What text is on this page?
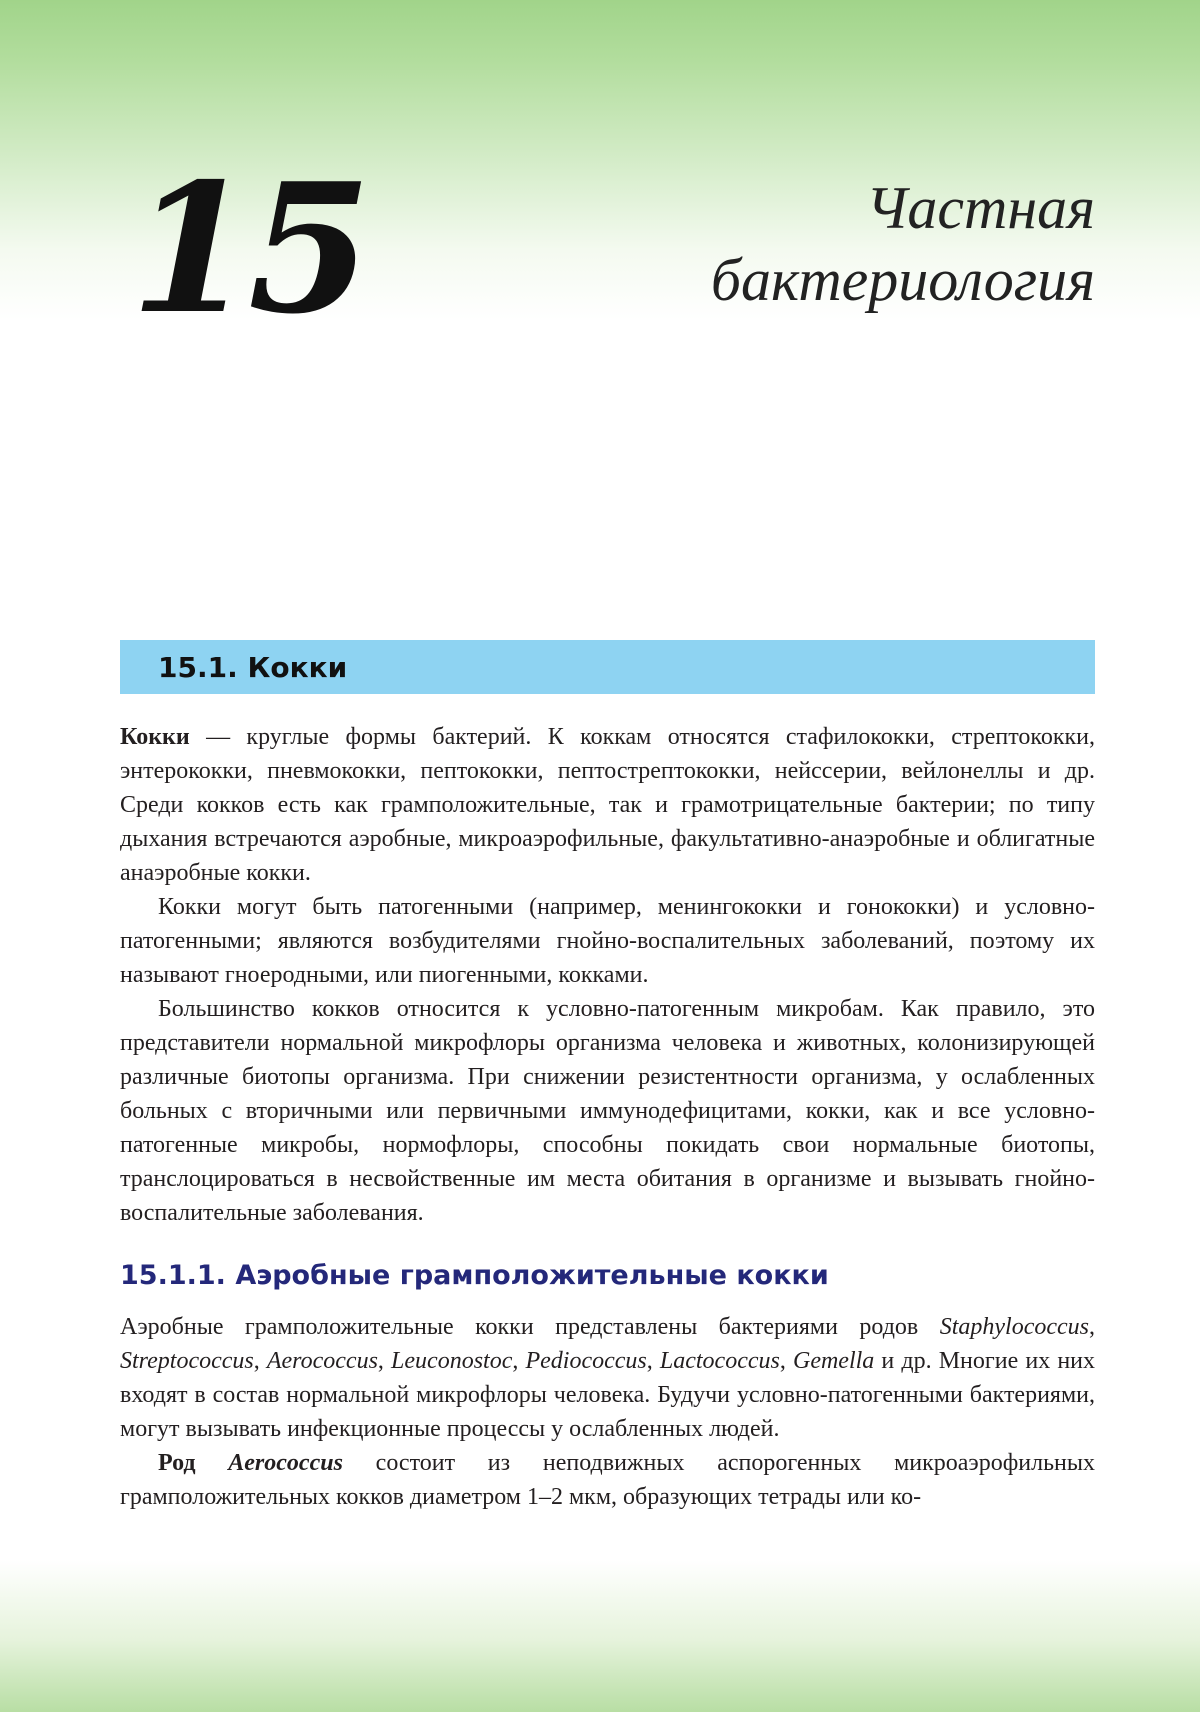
15	Частная
бактериология
15.1. Кокки

Кокки — круглые формы бактерий. К коккам относятся стафилококки, стрептококки, энтерококки, пневмококки, пептококки, пептострептококки, нейссерии, вейлонеллы и др. Среди кокков есть как грамположительные, так и грамотрицательные бактерии; по типу дыхания встречаются аэробные, микроаэрофильные, факультативно-анаэробные и облигатные анаэробные кокки.

Кокки могут быть патогенными (например, менингококки и гонококки) и условно-патогенными; являются возбудителями гнойно-воспалительных заболеваний, поэтому их называют гноеродными, или пиогенными, кокками.

Большинство кокков относится к условно-патогенным микробам. Как правило, это представители нормальной микрофлоры организма человека и животных, колонизирующей различные биотопы организма. При снижении резистентности организма, у ослабленных больных с вторичными или первичными иммунодефицитами, кокки, как и все условно-патогенные микробы, нормофлоры, способны покидать свои нормальные биотопы, транслоцироваться в несвойственные им места обитания в организме и вызывать гнойно-воспалительные заболевания.

15.1.1. Аэробные грамположительные кокки

Аэробные грамположительные кокки представлены бактериями родов Staphylococcus, Streptococcus, Aerococcus, Leuconostoc, Pediococcus, Lactococcus, Gemella и др. Многие их них входят в состав нормальной микрофлоры человека. Будучи условно-патогенными бактериями, могут вызывать инфекционные процессы у ослабленных людей.

Род Aerococcus состоит из неподвижных аспорогенных микроаэрофильных грамположительных кокков диаметром 1–2 мкм, образующих тетрады или ко-
